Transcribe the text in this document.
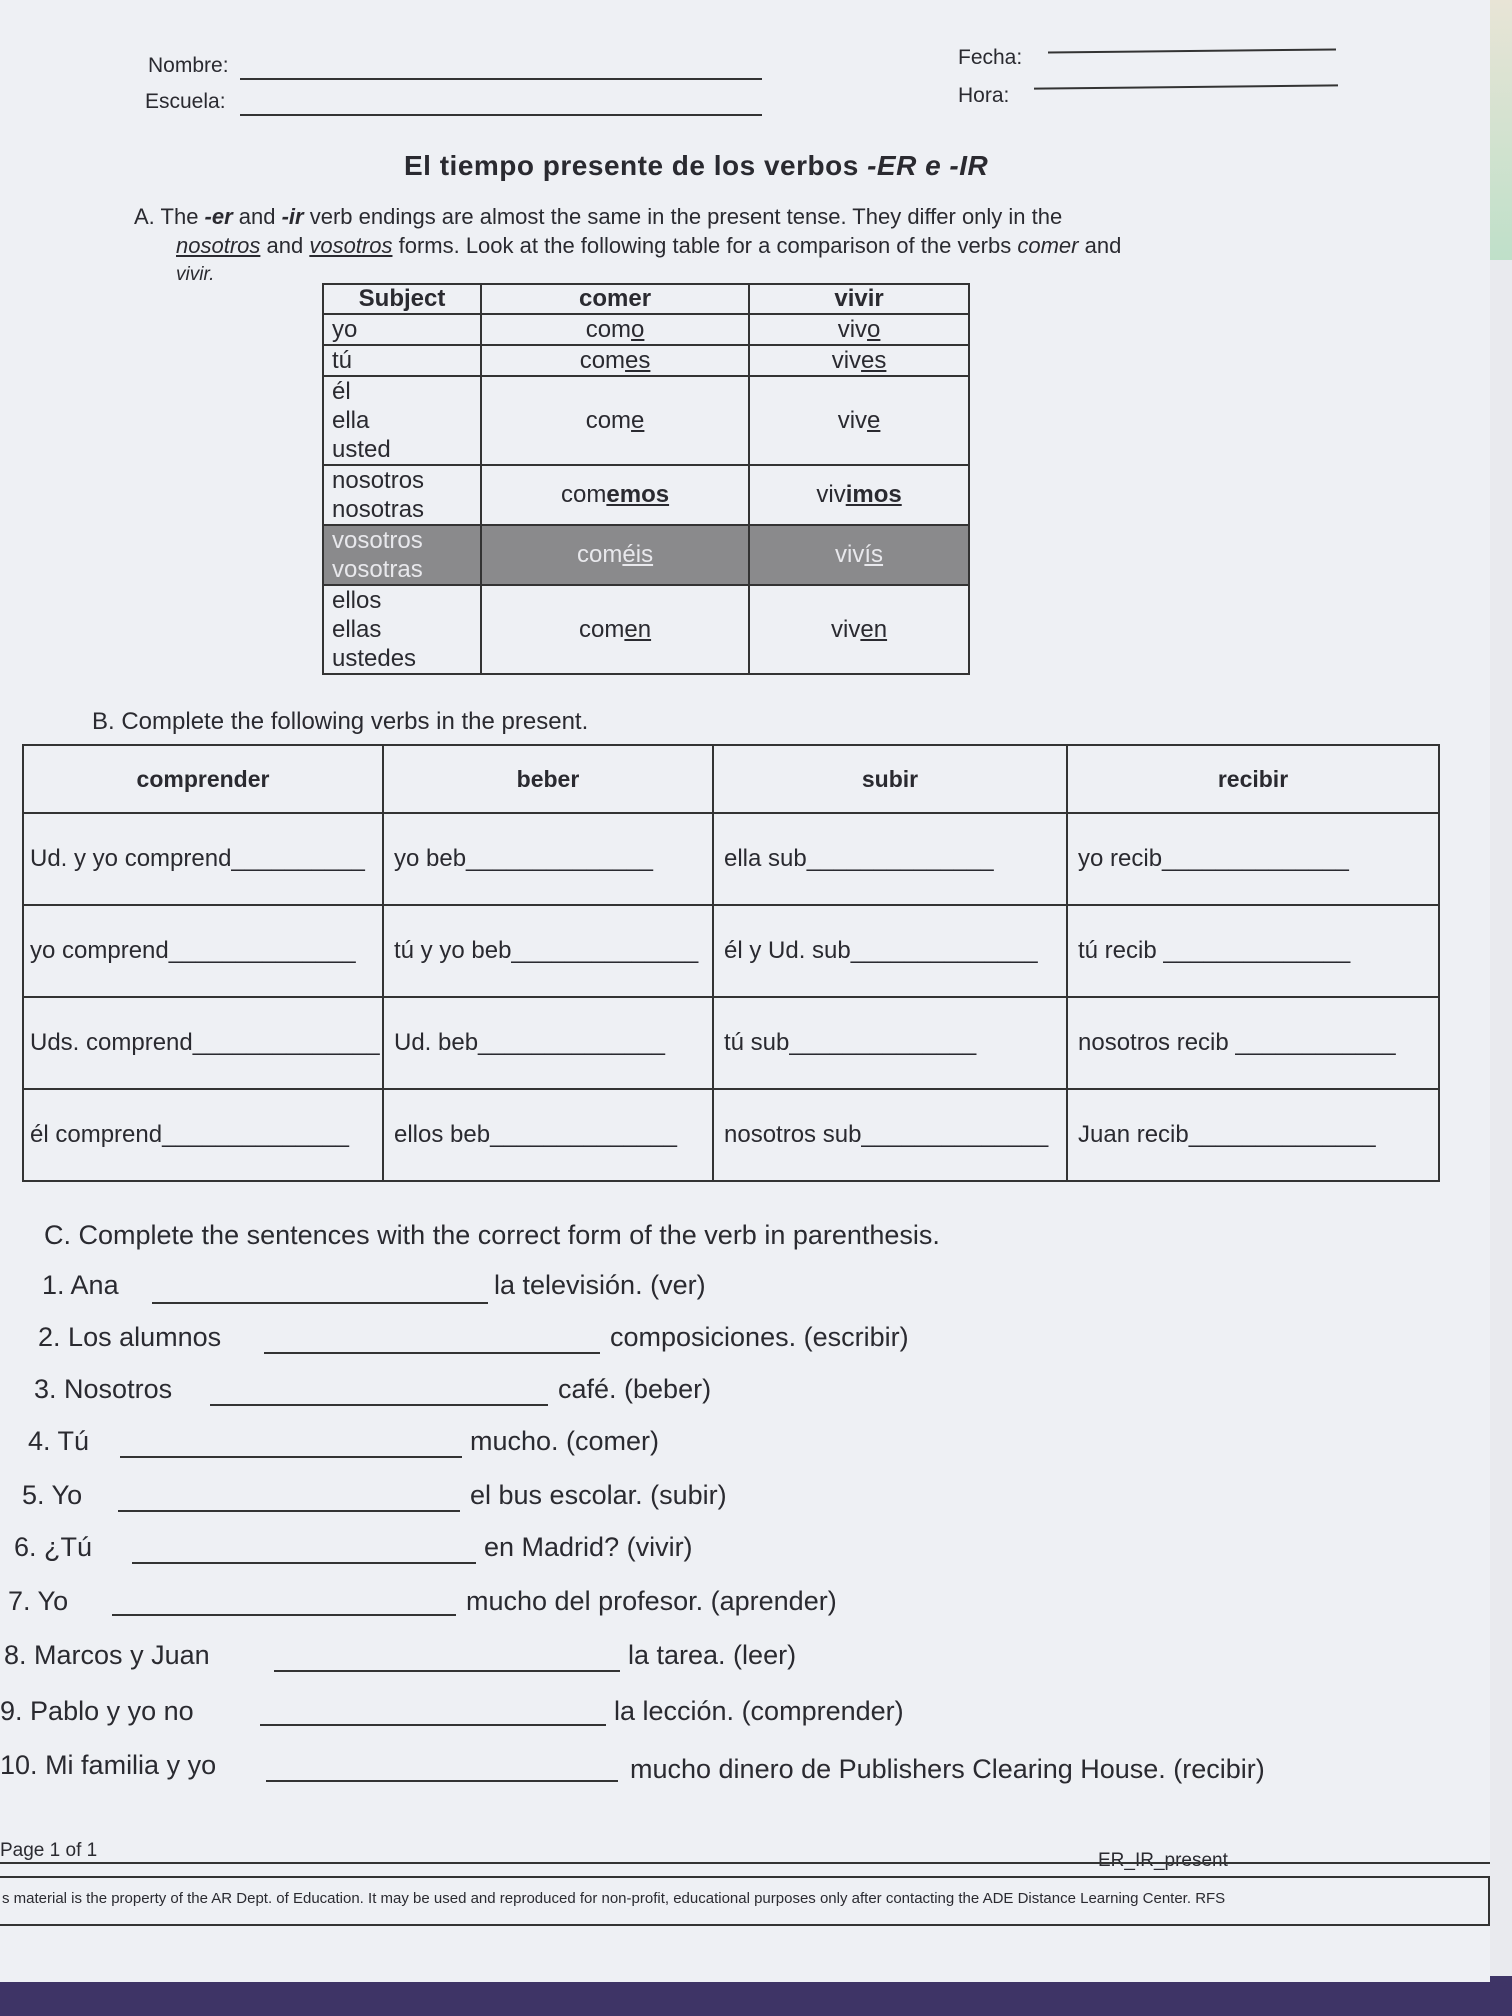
Nombre:
Escuela:
Fecha:
Hora:
El tiempo presente de los verbos -ER e -IR
A. The -er and -ir verb endings are almost the same in the present tense. They differ only in the
nosotros and vosotros forms. Look at the following table for a comparison of the verbs comer and
vivir.
Subject	comer	vivir
yo	como	vivo
tú	comes	vives

él
ella
usted	come	vive

nosotros
nosotras	comemos	vivimos

vosotros
vosotras	coméis	vivís

ellos
ellas
ustedes	comen	viven
B. Complete the following verbs in the present.
comprender	beber	subir	recibir
Ud. y yo comprend__________	yo beb______________	ella sub______________	yo recib______________
yo comprend______________	tú y yo beb______________	él y Ud. sub______________	tú recib ______________
Uds. comprend______________	Ud. beb______________	tú sub______________	nosotros recib ____________
él comprend______________	ellos beb______________	nosotros sub______________	Juan recib______________
C. Complete the sentences with the correct form of the verb in parenthesis.
1. Ana	la televisión. (ver)
2. Los alumnos	composiciones. (escribir)
3. Nosotros	café. (beber)
4. Tú	mucho. (comer)
5. Yo	el bus escolar. (subir)
6. ¿Tú	en Madrid? (vivir)
7. Yo	mucho del profesor. (aprender)
8. Marcos y Juan	la tarea. (leer)
9. Pablo y yo no	la lección. (comprender)
10. Mi familia y yo	mucho dinero de Publishers Clearing House. (recibir)
Page 1 of 1	ER_IR_present
s material is the property of the AR Dept. of Education. It may be used and reproduced for non-profit, educational purposes only after contacting the ADE Distance Learning Center. RFS
